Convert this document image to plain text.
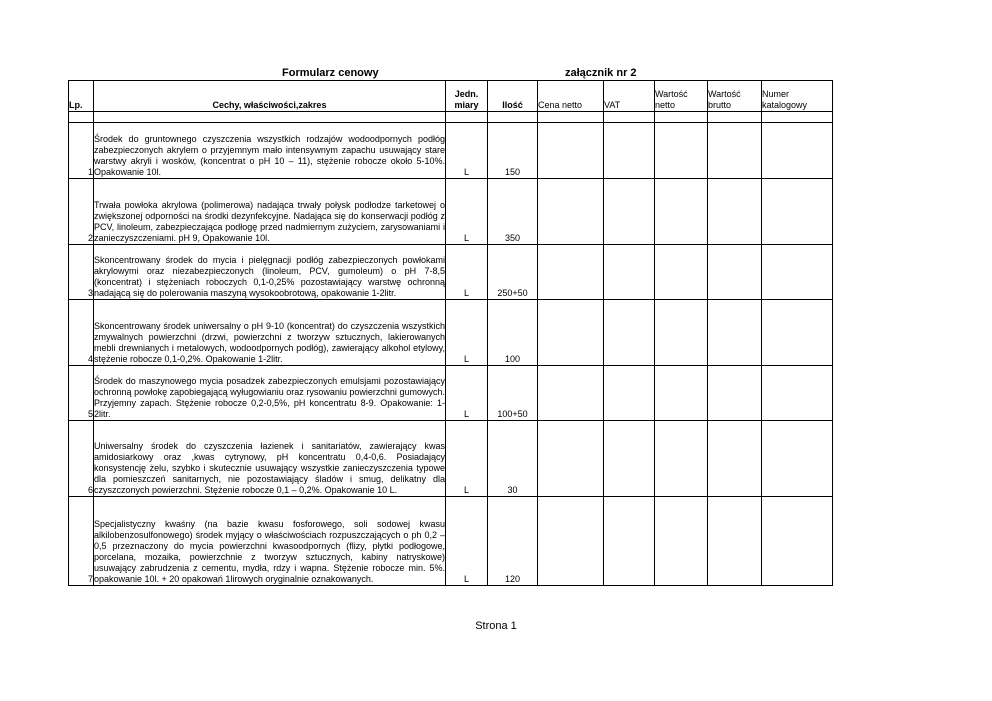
Formularz cenowy	załącznik nr 2
Lp.	Cechy, właściwości,zakres	Jedn. miary	Ilość	Cena netto	VAT	Wartość netto	Wartość brutto	Numer katalogowy

1	Środek do gruntownego czyszczenia wszystkich rodzajów wodoodpornych podłóg zabezpieczonych akrylem o przyjemnym mało intensywnym zapachu usuwający stare warstwy akryli i wosków, (koncentrat o pH 10 – 11), stężenie robocze około 5-10%. Opakowanie 10l.	L	150					
2	Trwała powłoka akrylowa (polimerowa) nadająca trwały połysk podłodze tarketowej o zwiększonej odporności na środki dezynfekcyjne. Nadająca się do konserwacji podłóg z PCV, linoleum, zabezpieczająca podłogę przed nadmiernym zużyciem, zarysowaniami i zanieczyszczeniami. pH 9, Opakowanie 10l.	L	350					
3	Skoncentrowany środek do mycia i pielęgnacji podłóg zabezpieczonych powłokami akrylowymi oraz niezabezpieczonych (linoleum, PCV, gumoleum) o pH 7-8,5 (koncentrat) i stężeniach roboczych 0,1-0,25% pozostawiający warstwę ochronną nadającą się do polerowania maszyną wysokoobrotową, opakowanie 1-2litr.	L	250+50					
4	Skoncentrowany środek uniwersalny o pH 9-10 (koncentrat) do czyszczenia wszystkich zmywalnych powierzchni (drzwi, powierzchni z tworzyw sztucznych, lakierowanych mebli drewnianych i metalowych, wodoodpornych podłóg), zawierający alkohol etylowy, stężenie robocze 0,1-0,2%. Opakowanie 1-2litr.	L	100					
5	Środek do maszynowego mycia posadzek zabezpieczonych emulsjami pozostawiający ochronną powłokę zapobiegającą wyługowianiu oraz rysowaniu powierzchni gumowych. Przyjemny zapach. Stężenie robocze 0,2-0,5%, pH koncentratu 8-9. Opakowanie: 1-2litr.	L	100+50					
6	Uniwersalny środek do czyszczenia łazienek i sanitariatów, zawierający kwas amidosiarkowy oraz ,kwas cytrynowy, pH koncentratu 0,4-0,6. Posiadający konsystencję żelu, szybko i skutecznie usuwający wszystkie zanieczyszczenia typowe dla pomieszczeń sanitarnych, nie pozostawiający śladów i smug, delikatny dla czyszczonych powierzchni. Stężenie robocze 0,1 – 0,2%. Opakowanie 10 L.	L	30					
7	Specjalistyczny kwaśny (na bazie kwasu fosforowego, soli sodowej kwasu alkilobenzosulfonowego) środek myjący o właściwościach rozpuszczających o ph 0,2 – 0,5 przeznaczony do mycia powierzchni kwasoodpornych (flizy, płytki podłogowe, porcelana, mozaika, powierzchnie z tworzyw sztucznych, kabiny natryskowe) usuwający zabrudzenia z cementu, mydła, rdzy i wapna. Stężenie robocze min. 5%. opakowanie 10l. + 20 opakowań 1lirowych oryginalnie oznakowanych.	L	120					
Strona 1
